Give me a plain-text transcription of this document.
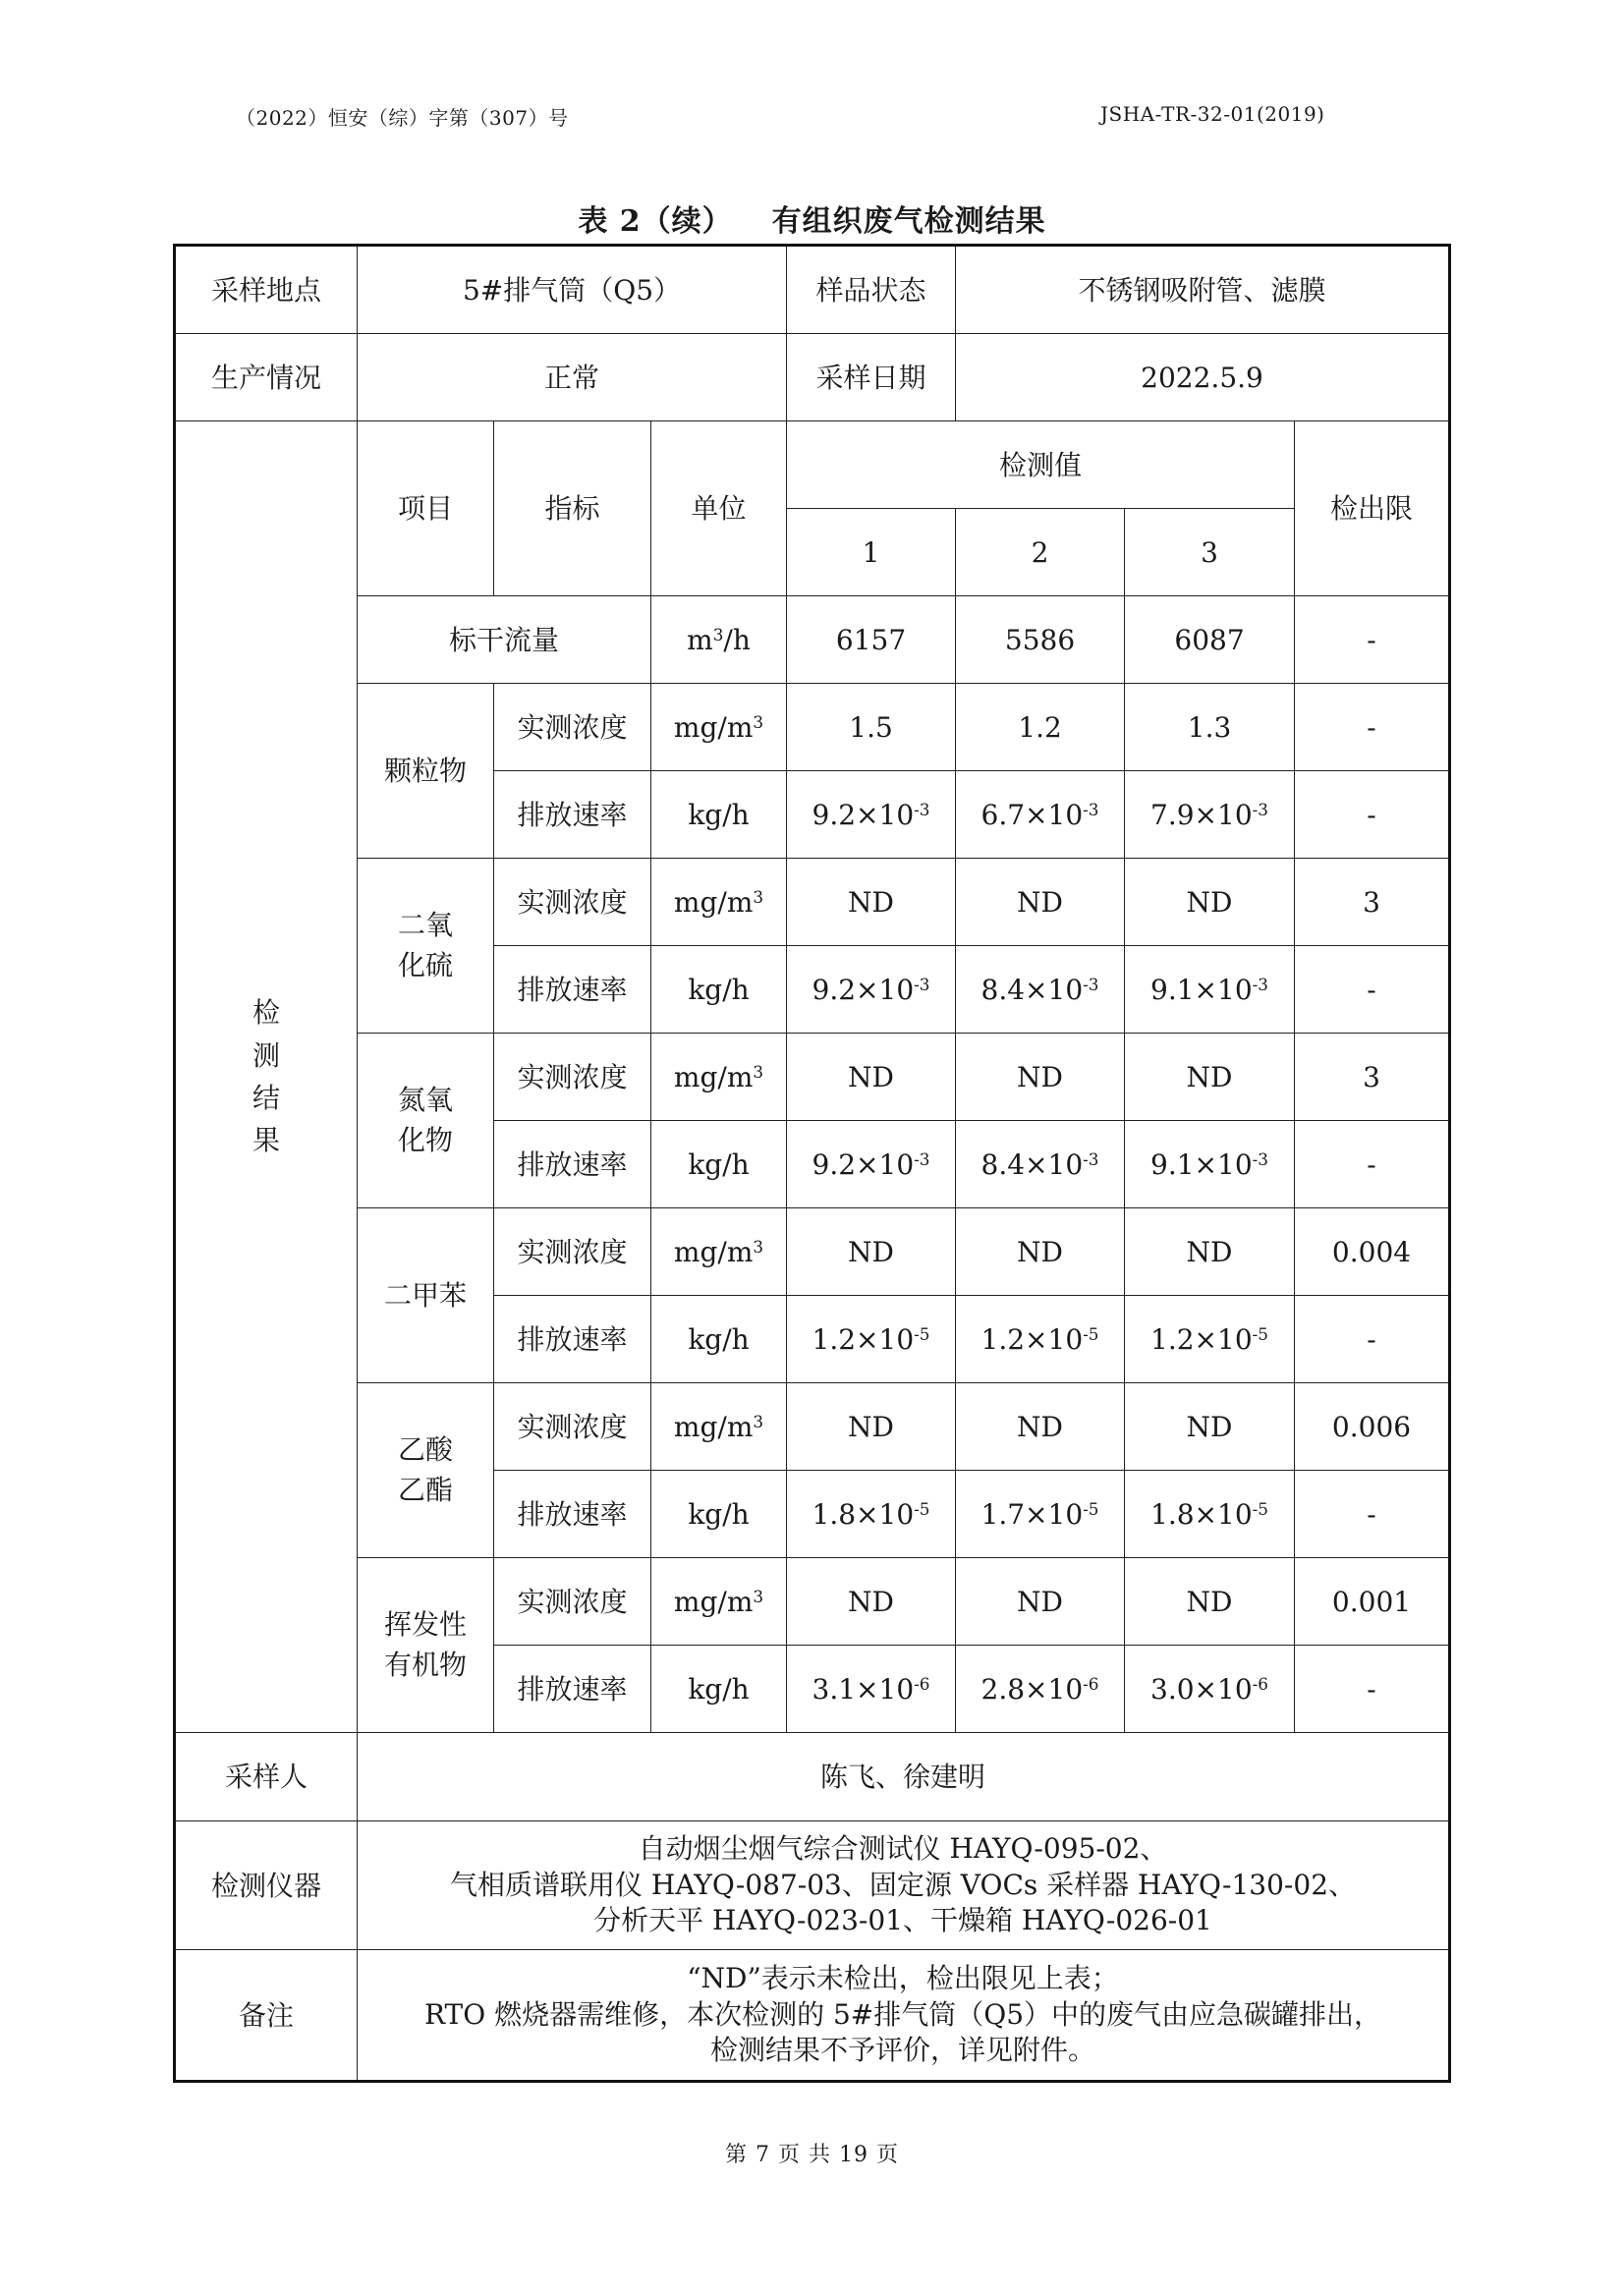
（2022）恒安（综）字第（307）号	JSHA-TR-32-01(2019)
表 2（续） 有组织废气检测结果
采样地点	5#排气筒（Q5）			样品状态	不锈钢吸附管、滤膜		
生产情况	正常			采样日期	2022.5.9		
检测结果	项目	指标	单位	检测值			检出限
				1	2	3	
	标干流量		$m^3/h$	6157	5586	6087	-
	颗粒物	实测浓度	$mg/m^3$	1.5	1.2	1.3	-
		排放速率	kg/h	$9.2\times 10^{-3}$	$6.7\times 10^{-3}$	$7.9\times 10^{-3}$	-
	二氧化硫	实测浓度	$mg/m^3$	ND	ND	ND	3
		排放速率	kg/h	$9.2\times 10^{-3}$	$8.4\times 10^{-3}$	$9.1\times 10^{-3}$	-
	氮氧化物	实测浓度	$mg/m^3$	ND	ND	ND	3
		排放速率	kg/h	$9.2\times 10^{-3}$	$8.4\times 10^{-3}$	$9.1\times 10^{-3}$	-
	二甲苯	实测浓度	$mg/m^3$	ND	ND	ND	0.004
		排放速率	kg/h	$1.2\times 10^{-5}$	$1.2\times 10^{-5}$	$1.2\times 10^{-5}$	-
	乙酸乙酯	实测浓度	$mg/m^3$	ND	ND	ND	0.006
		排放速率	kg/h	$1.8\times 10^{-5}$	$1.7\times 10^{-5}$	$1.8\times 10^{-5}$	-
	挥发性有机物	实测浓度	$mg/m^3$	ND	ND	ND	0.001
		排放速率	kg/h	$3.1\times 10^{-6}$	$2.8\times 10^{-6}$	$3.0\times 10^{-6}$	-
采样人	陈飞、徐建明						
检测仪器	自动烟尘烟气综合测试仪 HAYQ-095-02、
气相质谱联用仪 HAYQ-087-03、固定源 VOCs 采样器 HAYQ-130-02、
分析天平 HAYQ-023-01、干燥箱 HAYQ-026-01						

备注	“ND”表示未检出，检出限见上表；
RTO 燃烧器需维修，本次检测的 5#排气筒（Q5）中的废气由应急碳罐排出，
检测结果不予评价，详见附件。						
第 7 页 共 19 页
